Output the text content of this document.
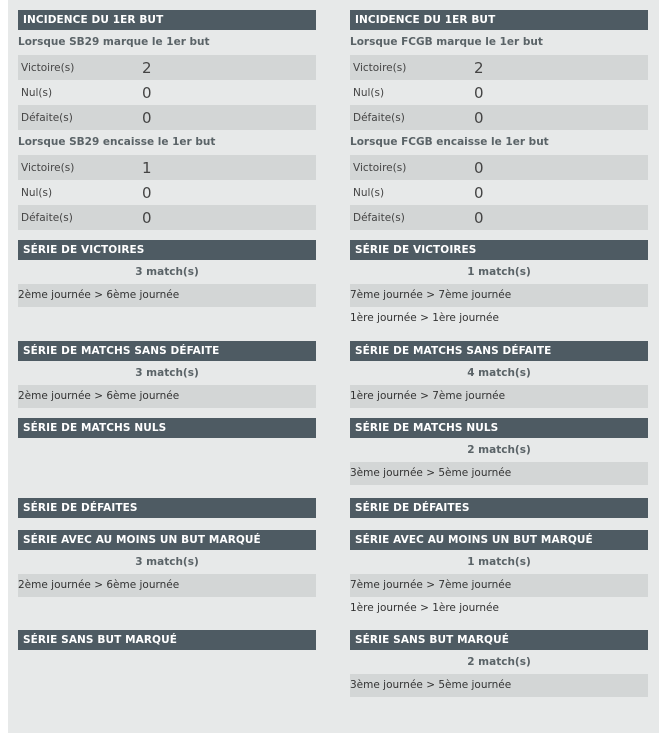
INCIDENCE DU 1ER BUT
Lorsque SB29 marque le 1er but
Victoire(s)	2
Nul(s)	0
Défaite(s)	0
Lorsque SB29 encaisse le 1er but
Victoire(s)	1
Nul(s)	0
Défaite(s)	0
SÉRIE DE VICTOIRES
3 match(s)
2ème journée > 6ème journée
SÉRIE DE MATCHS SANS DÉFAITE
3 match(s)
2ème journée > 6ème journée
SÉRIE DE MATCHS NULS
SÉRIE DE DÉFAITES
SÉRIE AVEC AU MOINS UN BUT MARQUÉ
3 match(s)
2ème journée > 6ème journée
SÉRIE SANS BUT MARQUÉ
INCIDENCE DU 1ER BUT
Lorsque FCGB marque le 1er but
Victoire(s)	2
Nul(s)	0
Défaite(s)	0
Lorsque FCGB encaisse le 1er but
Victoire(s)	0
Nul(s)	0
Défaite(s)	0
SÉRIE DE VICTOIRES
1 match(s)
7ème journée > 7ème journée
1ère journée > 1ère journée
SÉRIE DE MATCHS SANS DÉFAITE
4 match(s)
1ère journée > 7ème journée
SÉRIE DE MATCHS NULS
2 match(s)
3ème journée > 5ème journée
SÉRIE DE DÉFAITES
SÉRIE AVEC AU MOINS UN BUT MARQUÉ
1 match(s)
7ème journée > 7ème journée
1ère journée > 1ère journée
SÉRIE SANS BUT MARQUÉ
2 match(s)
3ème journée > 5ème journée
